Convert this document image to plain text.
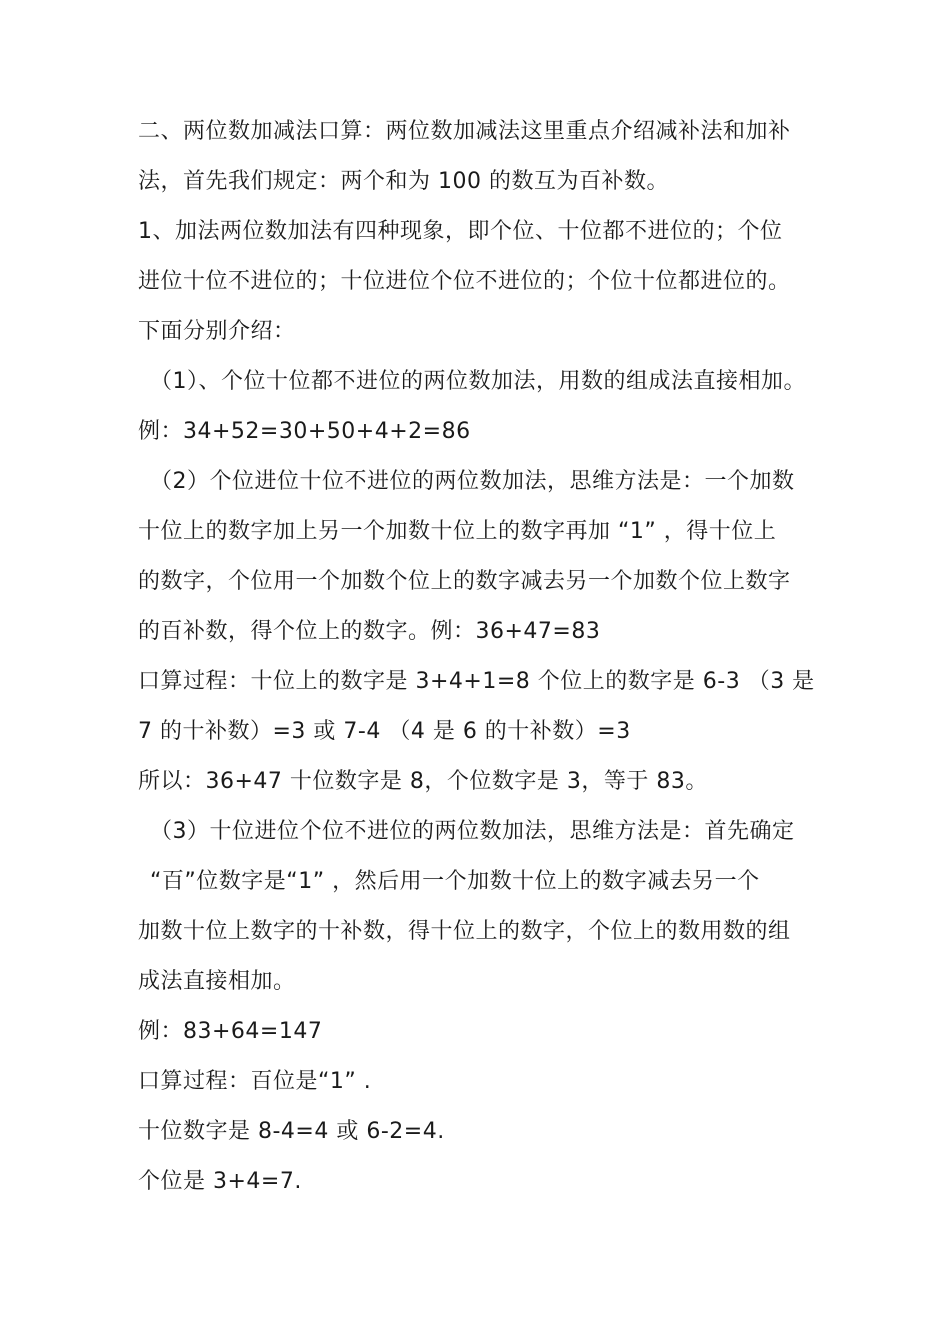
二、两位数加减法口算：两位数加减法这里重点介绍减补法和加补
法，首先我们规定：两个和为 100 的数互为百补数。
1、加法两位数加法有四种现象，即个位、十位都不进位的；个位
进位十位不进位的；十位进位个位不进位的；个位十位都进位的。
下面分别介绍：
（1）、个位十位都不进位的两位数加法，用数的组成法直接相加。
例：34+52=30+50+4+2=86
（2）个位进位十位不进位的两位数加法，思维方法是：一个加数
十位上的数字加上另一个加数十位上的数字再加 “1” ，得十位上
的数字，个位用一个加数个位上的数字减去另一个加数个位上数字
的百补数，得个位上的数字。例：36+47=83
口算过程：十位上的数字是 3+4+1=8 个位上的数字是 6-3 （3 是
7 的十补数）=3 或 7-4 （4 是 6 的十补数）=3
所以：36+47 十位数字是 8，个位数字是 3，等于 83。
（3）十位进位个位不进位的两位数加法，思维方法是：首先确定
“百”位数字是“1” ，然后用一个加数十位上的数字减去另一个
加数十位上数字的十补数，得十位上的数字，个位上的数用数的组
成法直接相加。
例：83+64=147
口算过程：百位是“1” .
十位数字是 8-4=4 或 6-2=4.
个位是 3+4=7.
